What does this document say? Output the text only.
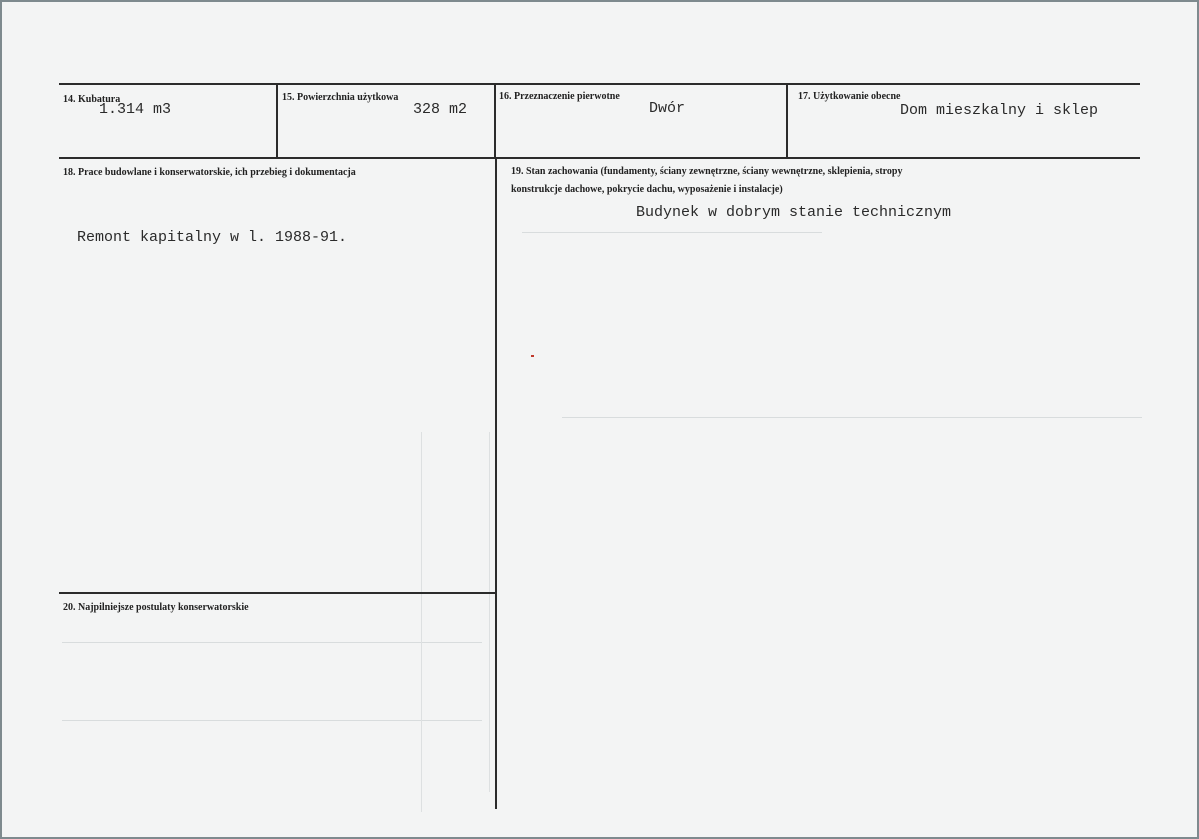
14. Kubatura
1.314 m3
15. Powierzchnia użytkowa
328 m2
16. Przeznaczenie pierwotne
Dwór
17. Użytkowanie obecne
Dom mieszkalny i sklep
18. Prace budowlane i konserwatorskie, ich przebieg i dokumentacja
Remont kapitalny w l. 1988-91.
19. Stan zachowania (fundamenty, ściany zewnętrzne, ściany wewnętrzne, sklepienia, stropy
konstrukcje dachowe, pokrycie dachu, wyposażenie i instalacje)
Budynek w dobrym stanie technicznym
20. Najpilniejsze postulaty konserwatorskie
